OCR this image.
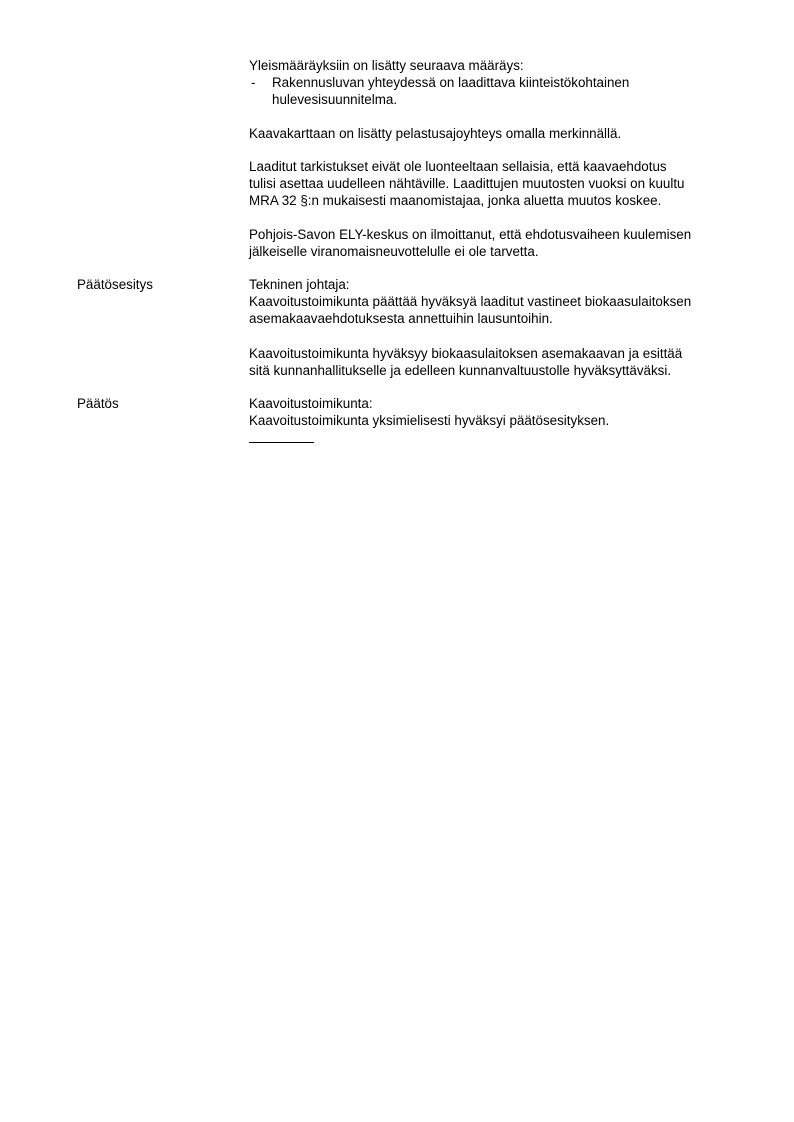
Yleismääräyksiin on lisätty seuraava määräys:

- Rakennusluvan yhteydessä on laadittava kiinteistökohtainen

hulevesisuunnitelma.

Kaavakarttaan on lisätty pelastusajoyhteys omalla merkinnällä.

Laaditut tarkistukset eivät ole luonteeltaan sellaisia, että kaavaehdotus

tulisi asettaa uudelleen nähtäville. Laadittujen muutosten vuoksi on kuultu

MRA 32 §:n mukaisesti maanomistajaa, jonka aluetta muutos koskee.

Pohjois-Savon ELY-keskus on ilmoittanut, että ehdotusvaiheen kuulemisen

jälkeiselle viranomaisneuvottelulle ei ole tarvetta.

Päätösesitys	Tekninen johtaja:

Kaavoitustoimikunta päättää hyväksyä laaditut vastineet biokaasulaitoksen

asemakaavaehdotuksesta annettuihin lausuntoihin.

Kaavoitustoimikunta hyväksyy biokaasulaitoksen asemakaavan ja esittää

sitä kunnanhallitukselle ja edelleen kunnanvaltuustolle hyväksyttäväksi.

Päätös	Kaavoitustoimikunta:

Kaavoitustoimikunta yksimielisesti hyväksyi päätösesityksen.
